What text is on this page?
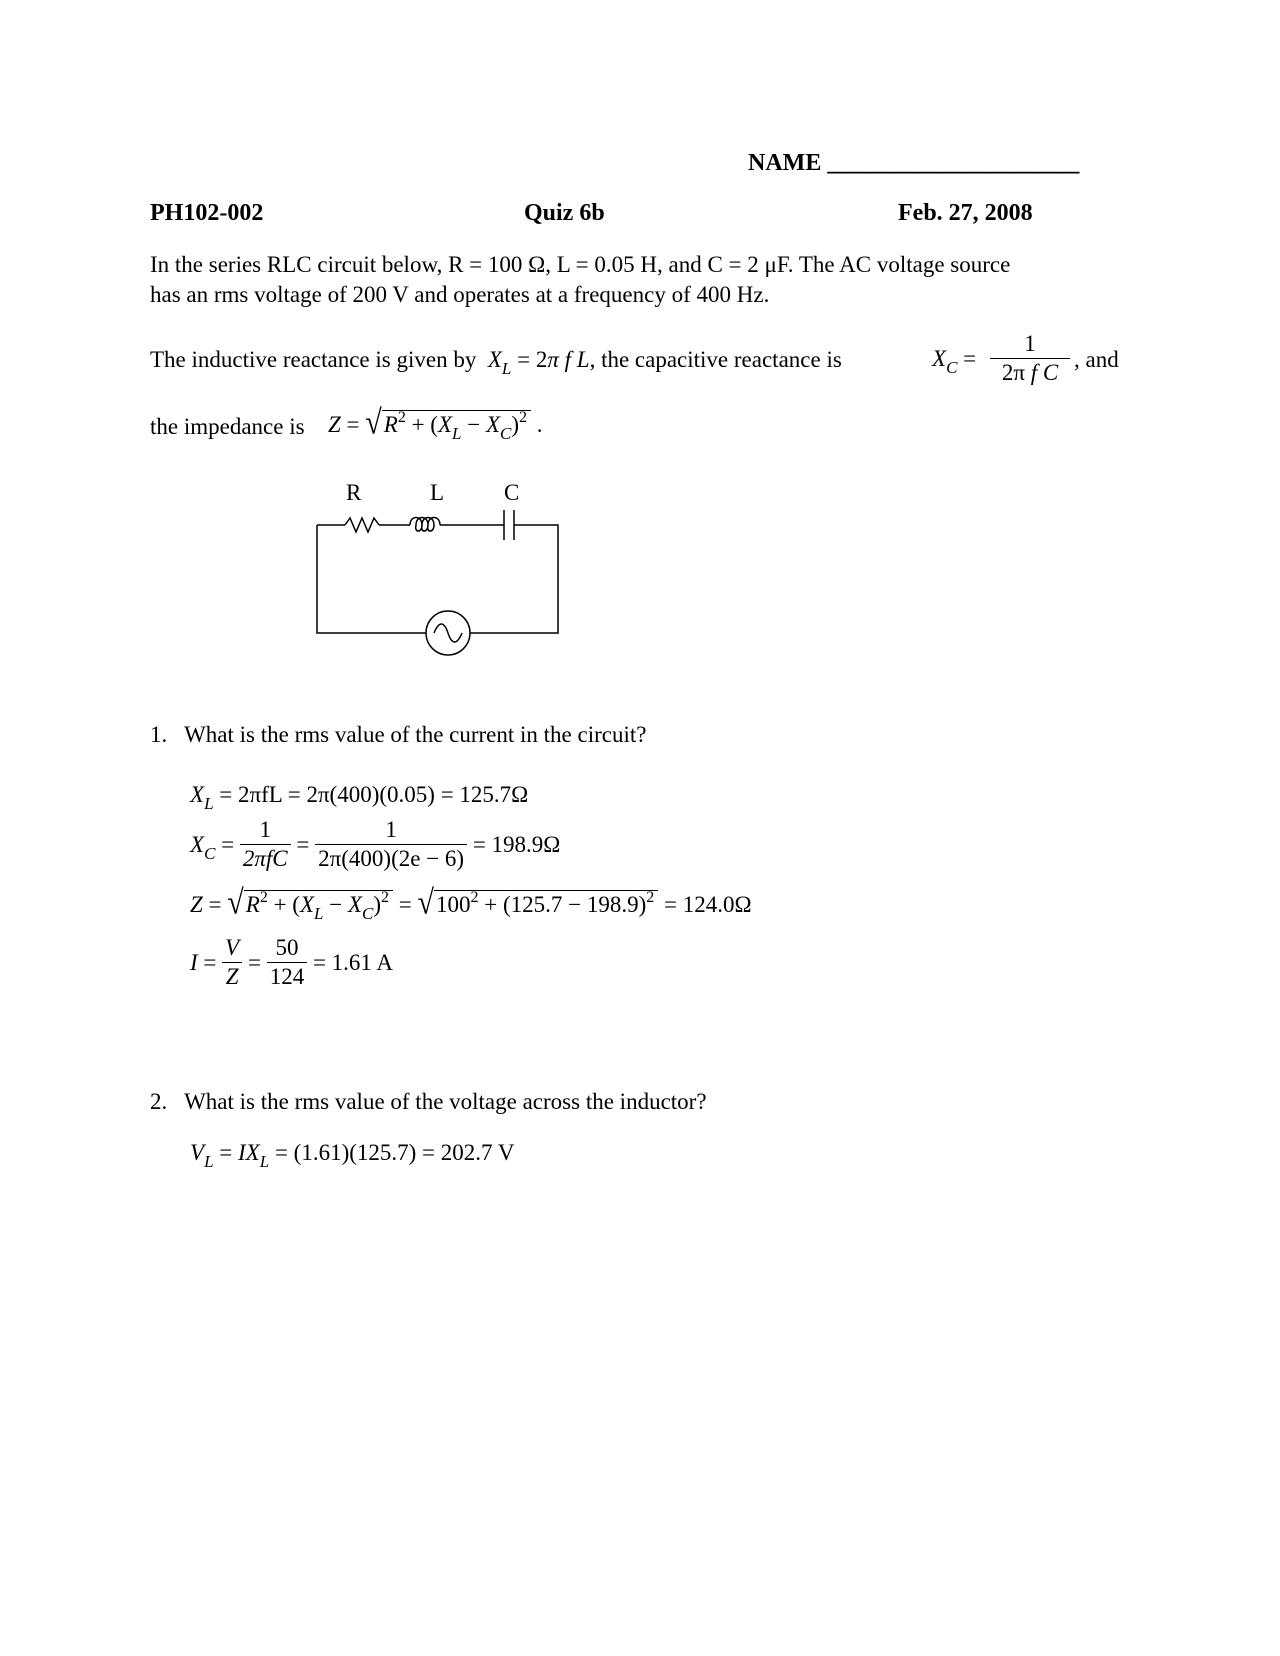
NAME _____________________
PH102-002	Quiz 6b	Feb. 27, 2008
In the series RLC circuit below, R = 100 Ω, L = 0.05 H, and C = 2 μF. The AC voltage source
has an rms voltage of 200 V and operates at a frequency of 400 Hz.
The inductive reactance is given by $X_L = 2\pi$ f L, the capacitive reactance is	$X_C = \frac{1}{\text{2π f C}}$ , and
the impedance is $Z = √R^2 + (X_L - X_C)^2$ .
R	L	C
1. What is the rms value of the current in the circuit?
$X_L = 2\pi fL = 2\pi(400)(0.05) = 125.7\Omega$
$X_C = \frac{1}{\text{2πfC}} = \frac{1}{2\pi(400)(2e - 6)} = 198.9\Omega$
$Z = √R^2 + (X_L - X_C)^2 = √100^2 + (125.7 - 198.9)^2 = 124.0\Omega$
$I = \frac{V}{Z} = \frac{50}{124} = 1.61$ A
2. What is the rms value of the voltage across the inductor?
$V_L = IX_L = (1.61)(125.7) = 202.7$ V
